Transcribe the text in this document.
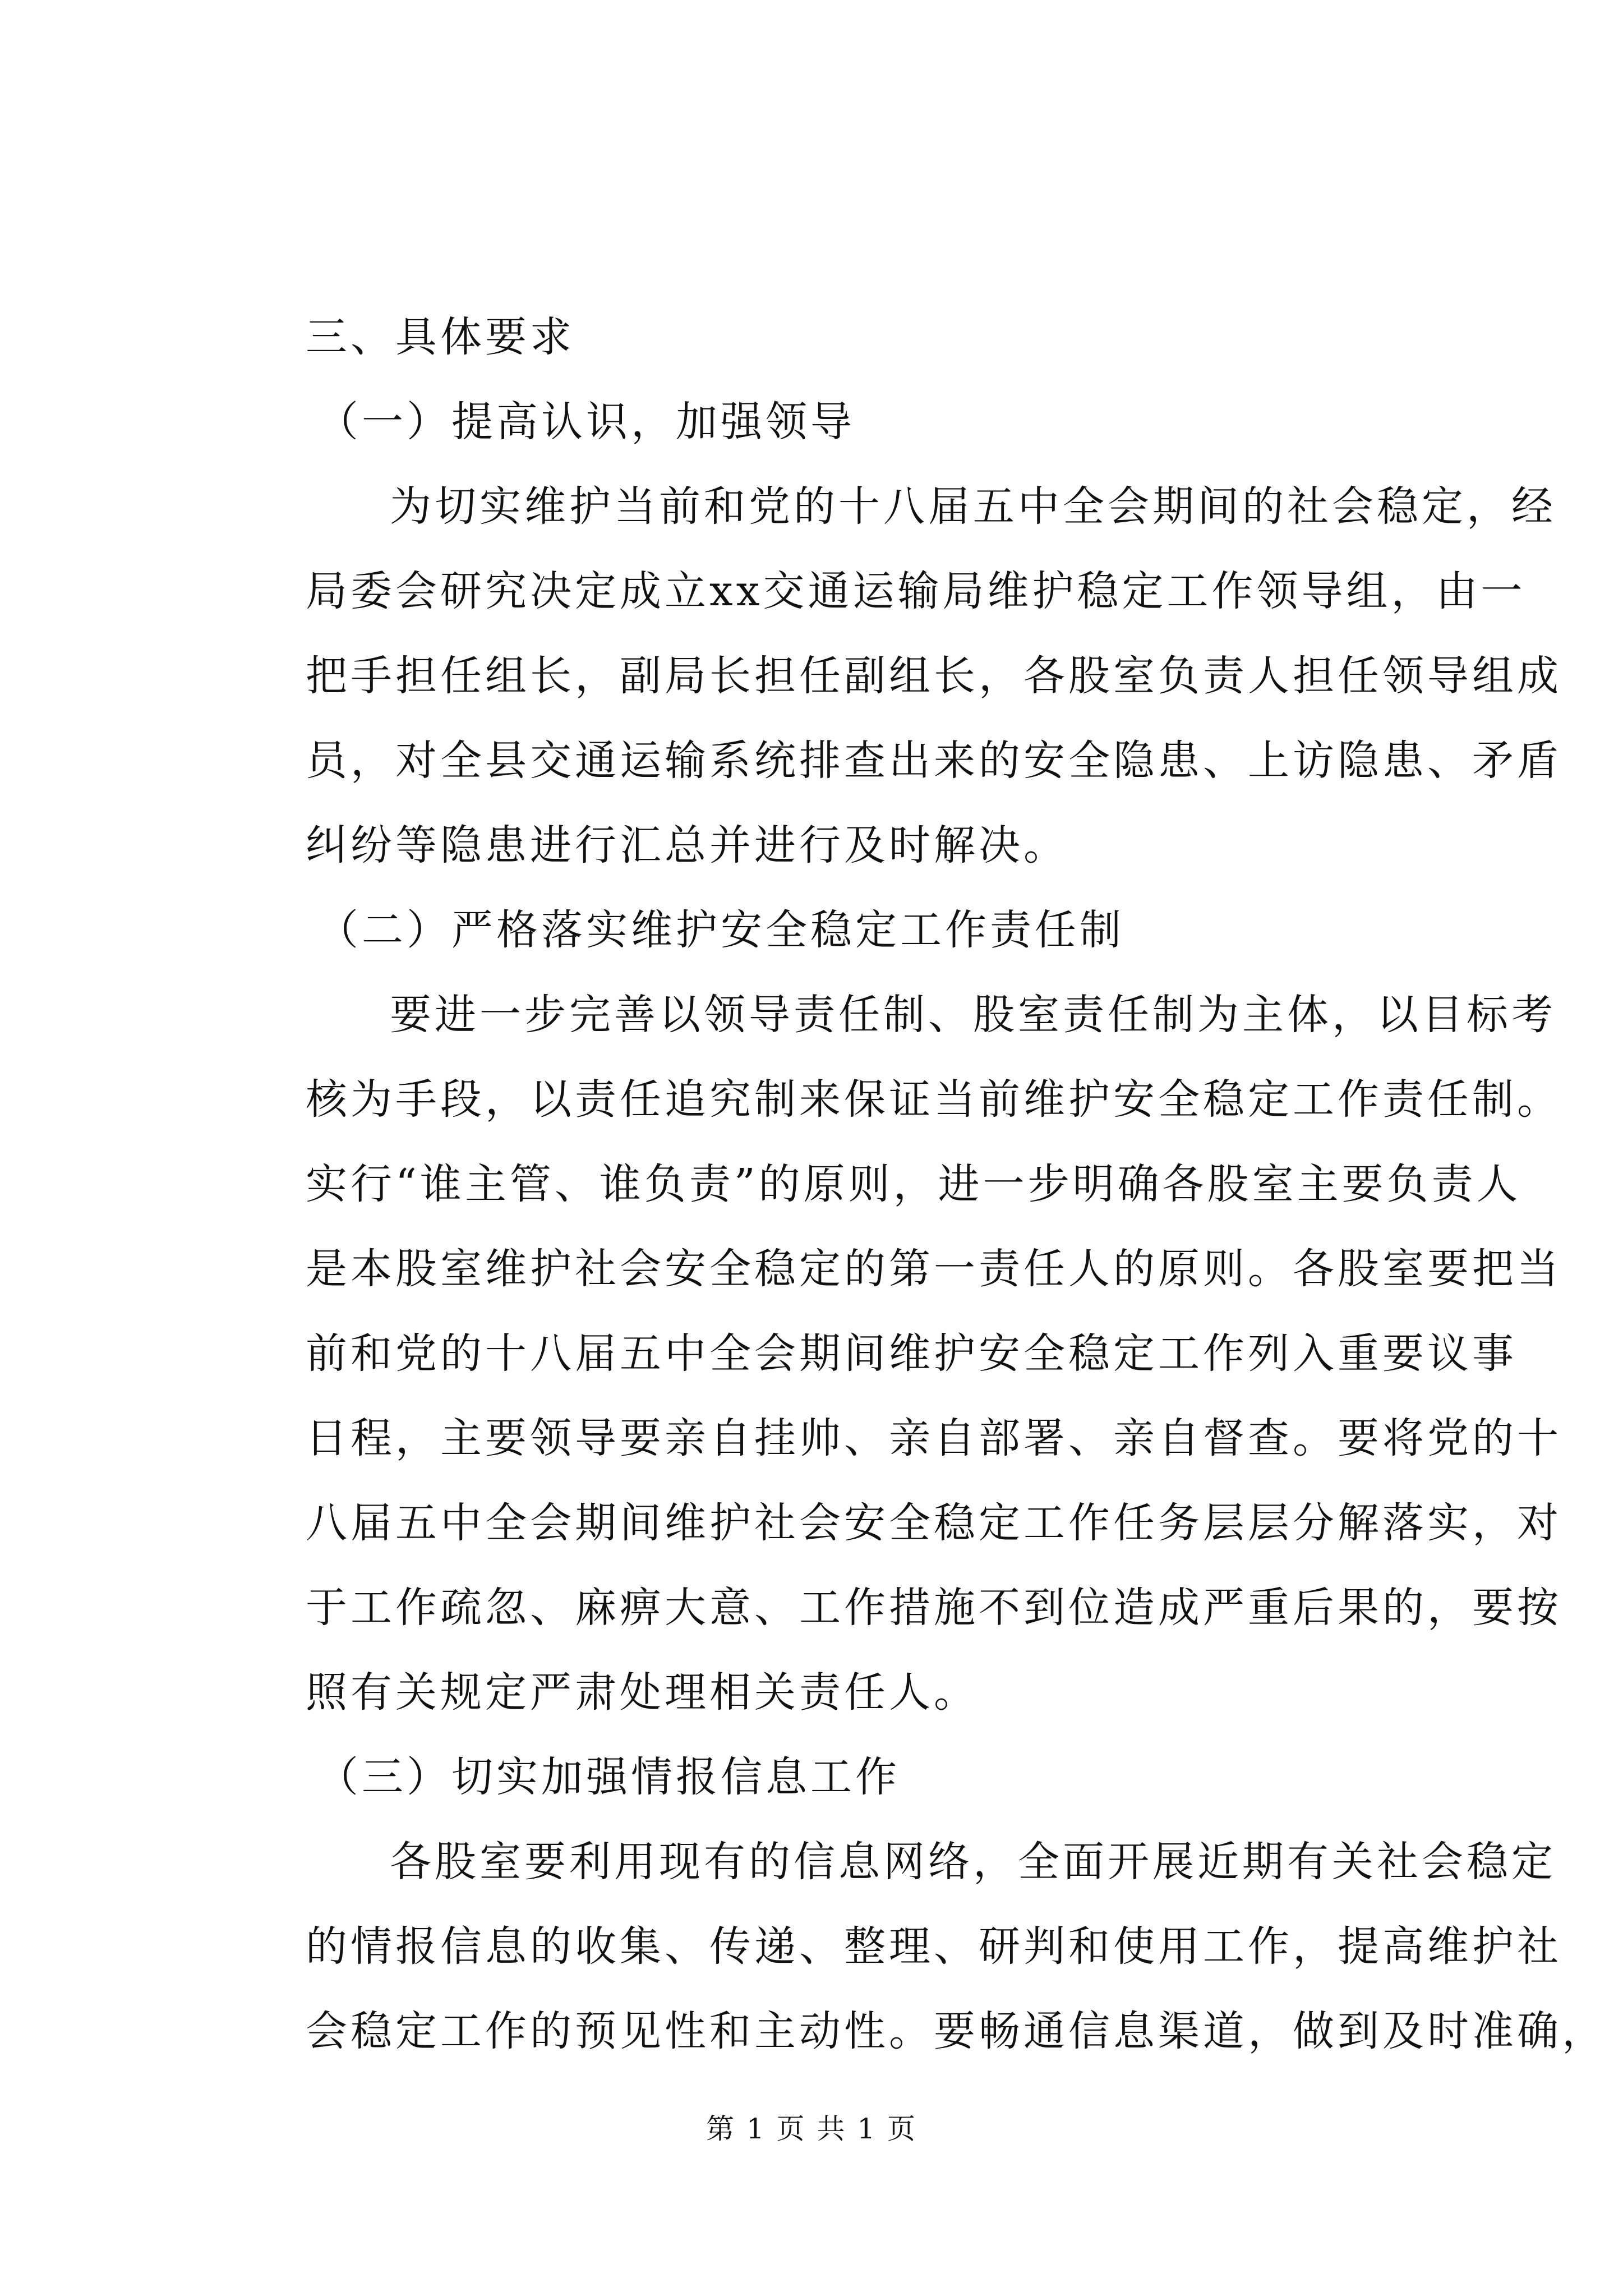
三、具体要求
（一）提高认识，加强领导
为切实维护当前和党的十八届五中全会期间的社会稳定，经
局委会研究决定成立xx交通运输局维护稳定工作领导组，由一
把手担任组长，副局长担任副组长，各股室负责人担任领导组成
员，对全县交通运输系统排查出来的安全隐患、上访隐患、矛盾
纠纷等隐患进行汇总并进行及时解决。
（二）严格落实维护安全稳定工作责任制
要进一步完善以领导责任制、股室责任制为主体，以目标考
核为手段，以责任追究制来保证当前维护安全稳定工作责任制。
实行“谁主管、谁负责”的原则，进一步明确各股室主要负责人
是本股室维护社会安全稳定的第一责任人的原则。各股室要把当
前和党的十八届五中全会期间维护安全稳定工作列入重要议事
日程，主要领导要亲自挂帅、亲自部署、亲自督查。要将党的十
八届五中全会期间维护社会安全稳定工作任务层层分解落实，对
于工作疏忽、麻痹大意、工作措施不到位造成严重后果的，要按
照有关规定严肃处理相关责任人。
（三）切实加强情报信息工作
各股室要利用现有的信息网络，全面开展近期有关社会稳定
的情报信息的收集、传递、整理、研判和使用工作，提高维护社
会稳定工作的预见性和主动性。要畅通信息渠道，做到及时准确，
第 1 页 共 1 页
